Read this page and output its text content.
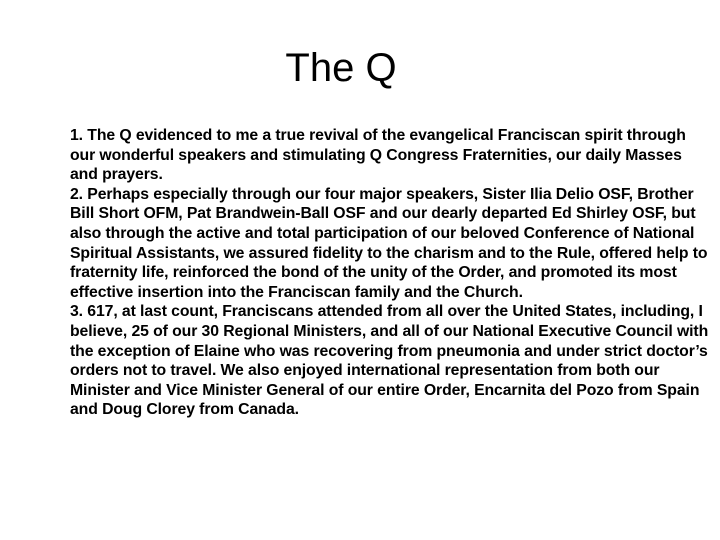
The Q

1. The Q evidenced to me a true revival of the evangelical Franciscan spirit through our wonderful speakers and stimulating Q Congress Fraternities, our daily Masses and prayers.

2. Perhaps especially through our four major speakers, Sister Ilia Delio OSF, Brother Bill Short OFM, Pat Brandwein-Ball OSF and our dearly departed Ed Shirley OSF, but also through the active and total participation of our beloved Conference of National Spiritual Assistants, we assured fidelity to the charism and to the Rule, offered help to fraternity life, reinforced the bond of the unity of the Order, and promoted its most effective insertion into the Franciscan family and the Church.

3. 617, at last count, Franciscans attended from all over the United States, including, I believe, 25 of our 30 Regional Ministers, and all of our National Executive Council with the exception of Elaine who was recovering from pneumonia and under strict doctor’s orders not to travel. We also enjoyed international representation from both our Minister and Vice Minister General of our entire Order, Encarnita del Pozo from Spain and Doug Clorey from Canada.
